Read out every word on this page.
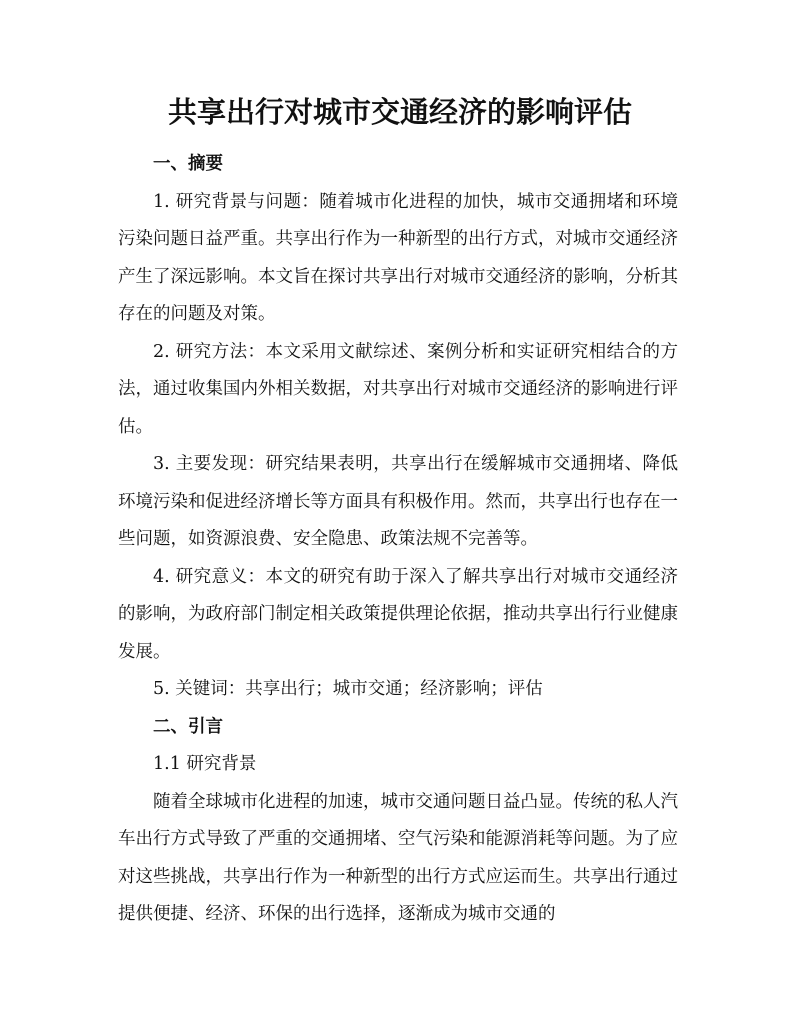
共享出行对城市交通经济的影响评估
一、摘要

1. 研究背景与问题：随着城市化进程的加快，城市交通拥堵和环境污染问题日益严重。共享出行作为一种新型的出行方式，对城市交通经济产生了深远影响。本文旨在探讨共享出行对城市交通经济的影响，分析其存在的问题及对策。

2. 研究方法：本文采用文献综述、案例分析和实证研究相结合的方法，通过收集国内外相关数据，对共享出行对城市交通经济的影响进行评估。

3. 主要发现：研究结果表明，共享出行在缓解城市交通拥堵、降低环境污染和促进经济增长等方面具有积极作用。然而，共享出行也存在一些问题，如资源浪费、安全隐患、政策法规不完善等。

4. 研究意义：本文的研究有助于深入了解共享出行对城市交通经济的影响，为政府部门制定相关政策提供理论依据，推动共享出行行业健康发展。

5. 关键词：共享出行；城市交通；经济影响；评估

二、引言

1.1 研究背景

随着全球城市化进程的加速，城市交通问题日益凸显。传统的私人汽车出行方式导致了严重的交通拥堵、空气污染和能源消耗等问题。为了应对这些挑战，共享出行作为一种新型的出行方式应运而生。共享出行通过提供便捷、经济、环保的出行选择，逐渐成为城市交通的
